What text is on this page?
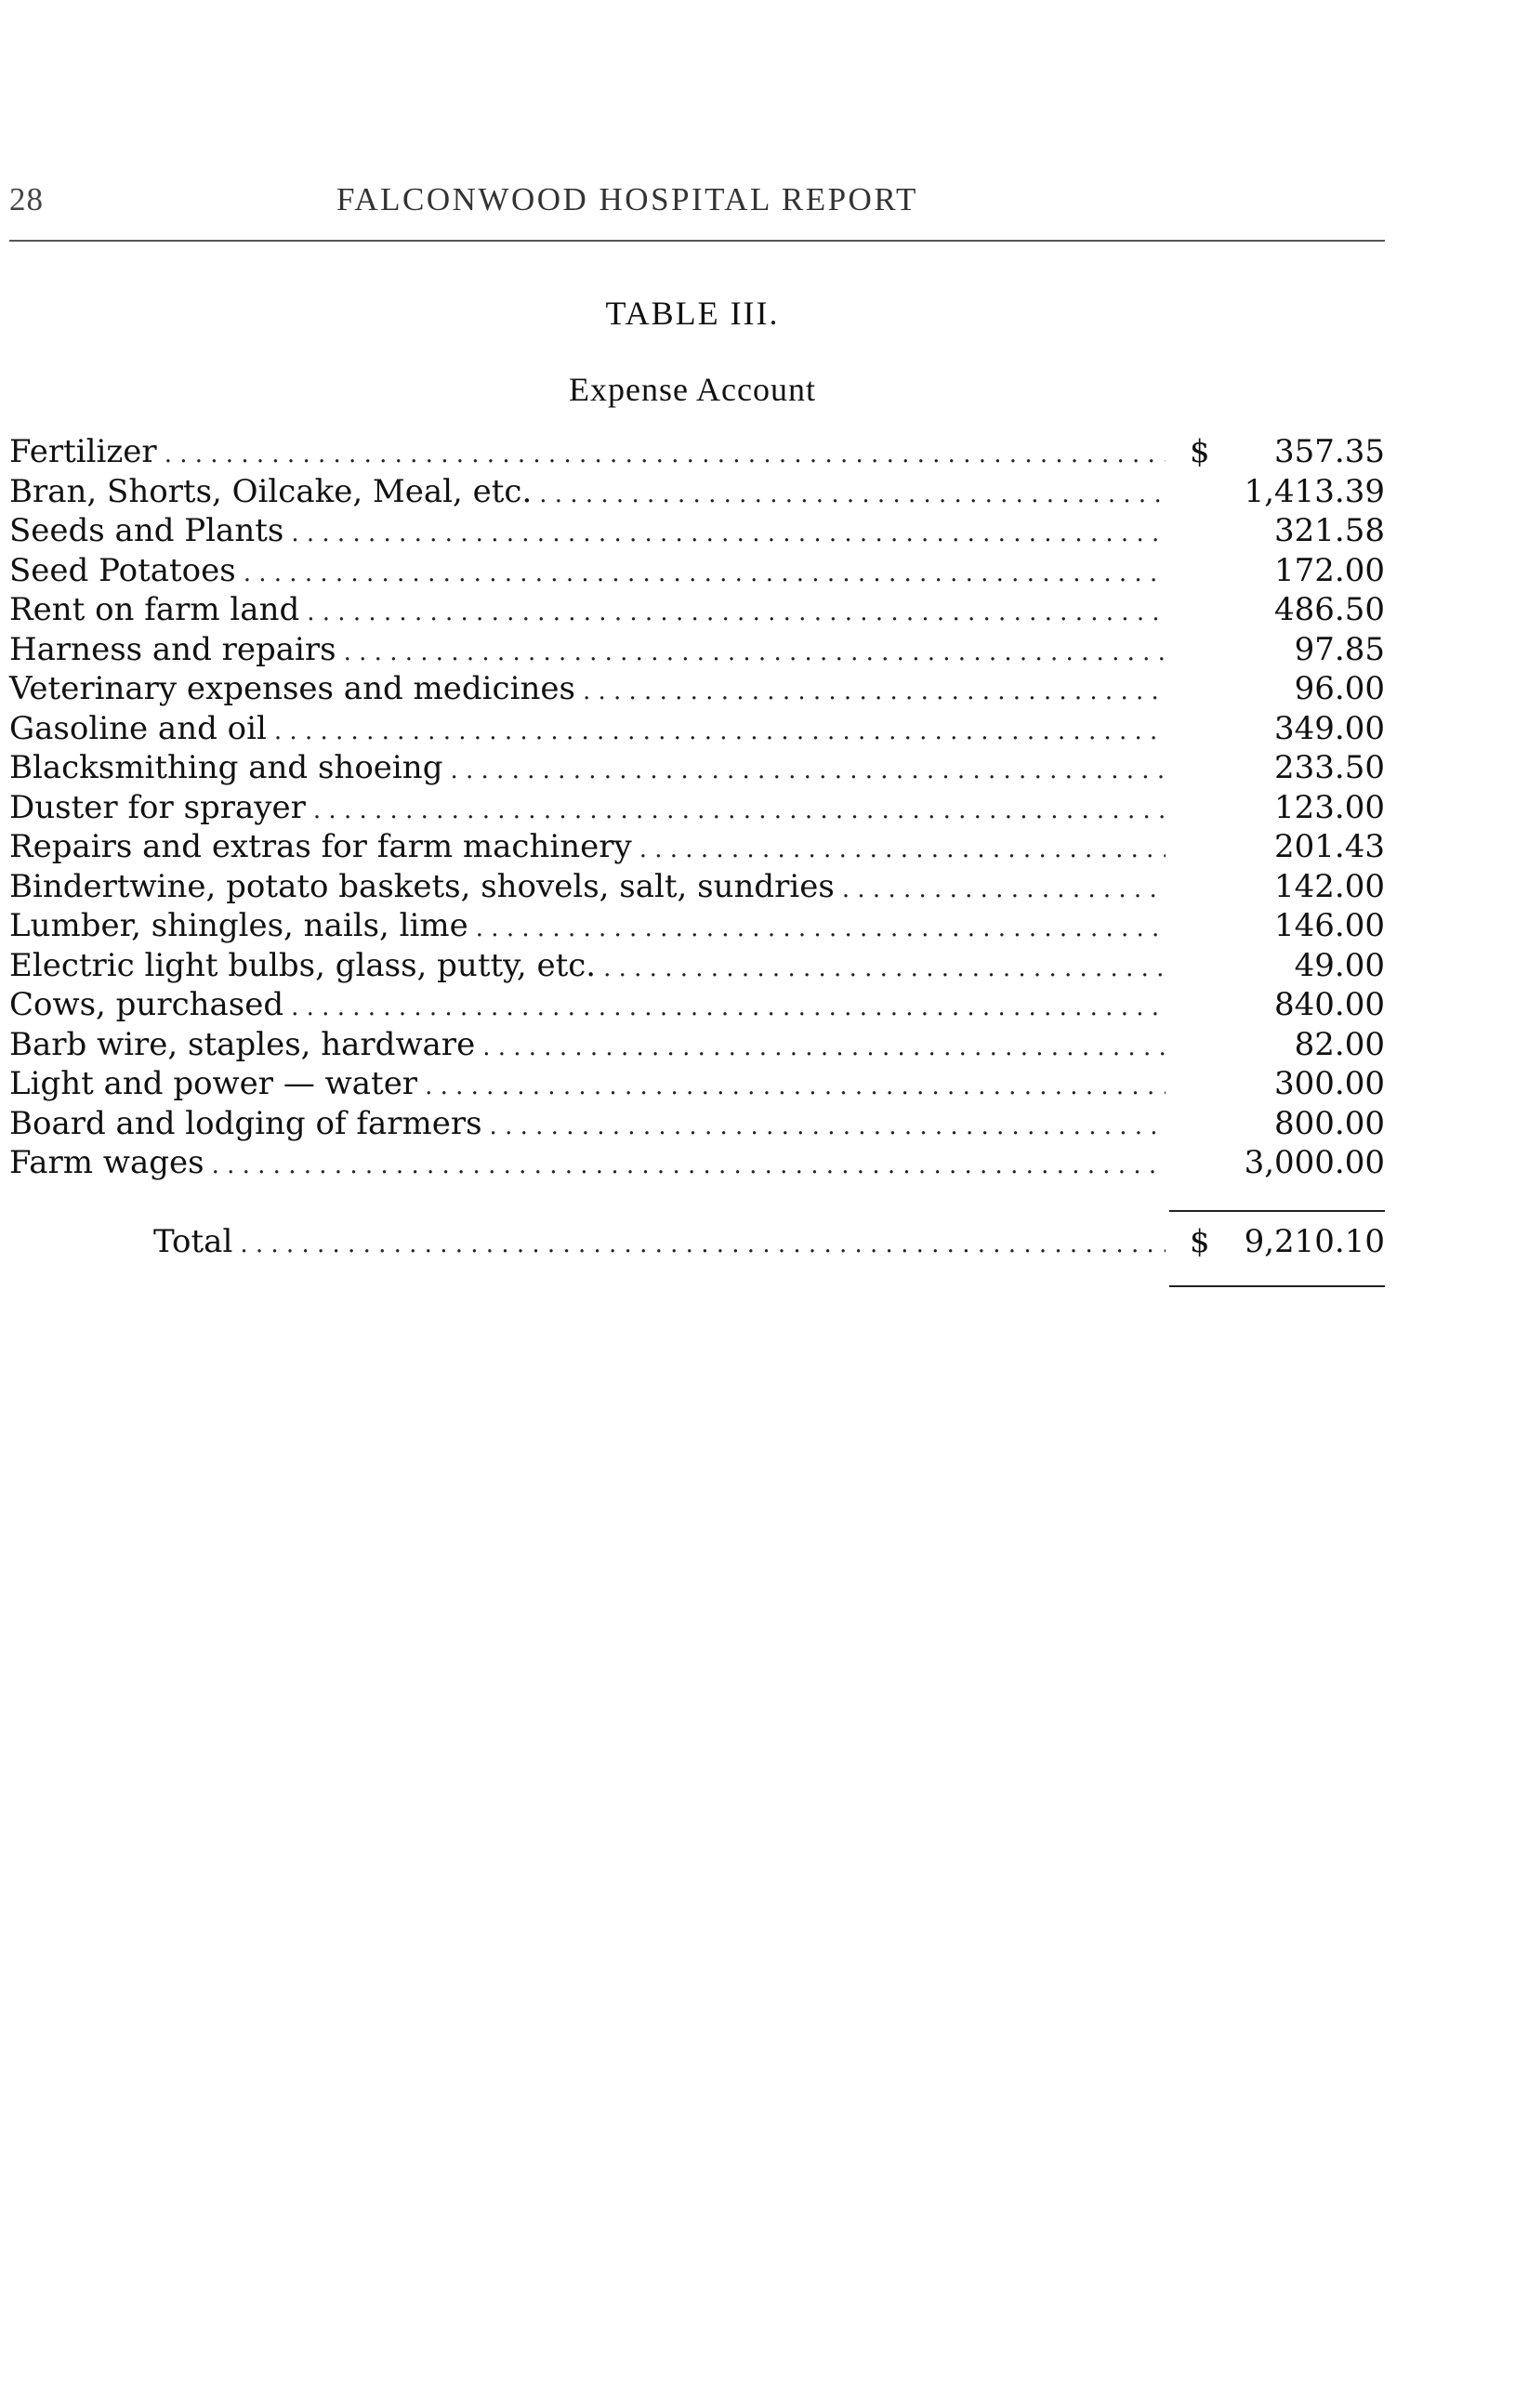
28	FALCONWOOD HOSPITAL REPORT
TABLE III.
Expense Account
Fertilizer . . .	$	357.35
Bran, Shorts, Oilcake, Meal, etc. . . .	1,413.39
Seeds and Plants . . .	321.58
Seed Potatoes . . .	172.00
Rent on farm land . . .	486.50
Harness and repairs . . .	97.85
Veterinary expenses and medicines . . .	96.00
Gasoline and oil . . .	349.00
Blacksmithing and shoeing . . .	233.50
Duster for sprayer . . .	123.00
Repairs and extras for farm machinery . . .	201.43
Bindertwine, potato baskets, shovels, salt, sundries . . .	142.00
Lumber, shingles, nails, lime . . .	146.00
Electric light bulbs, glass, putty, etc. . . .	49.00
Cows, purchased . . .	840.00
Barb wire, staples, hardware . . .	82.00
Light and power — water . . .	300.00
Board and lodging of farmers . . .	800.00
Farm wages . . .	3,000.00
Total . . .	$	9,210.10
